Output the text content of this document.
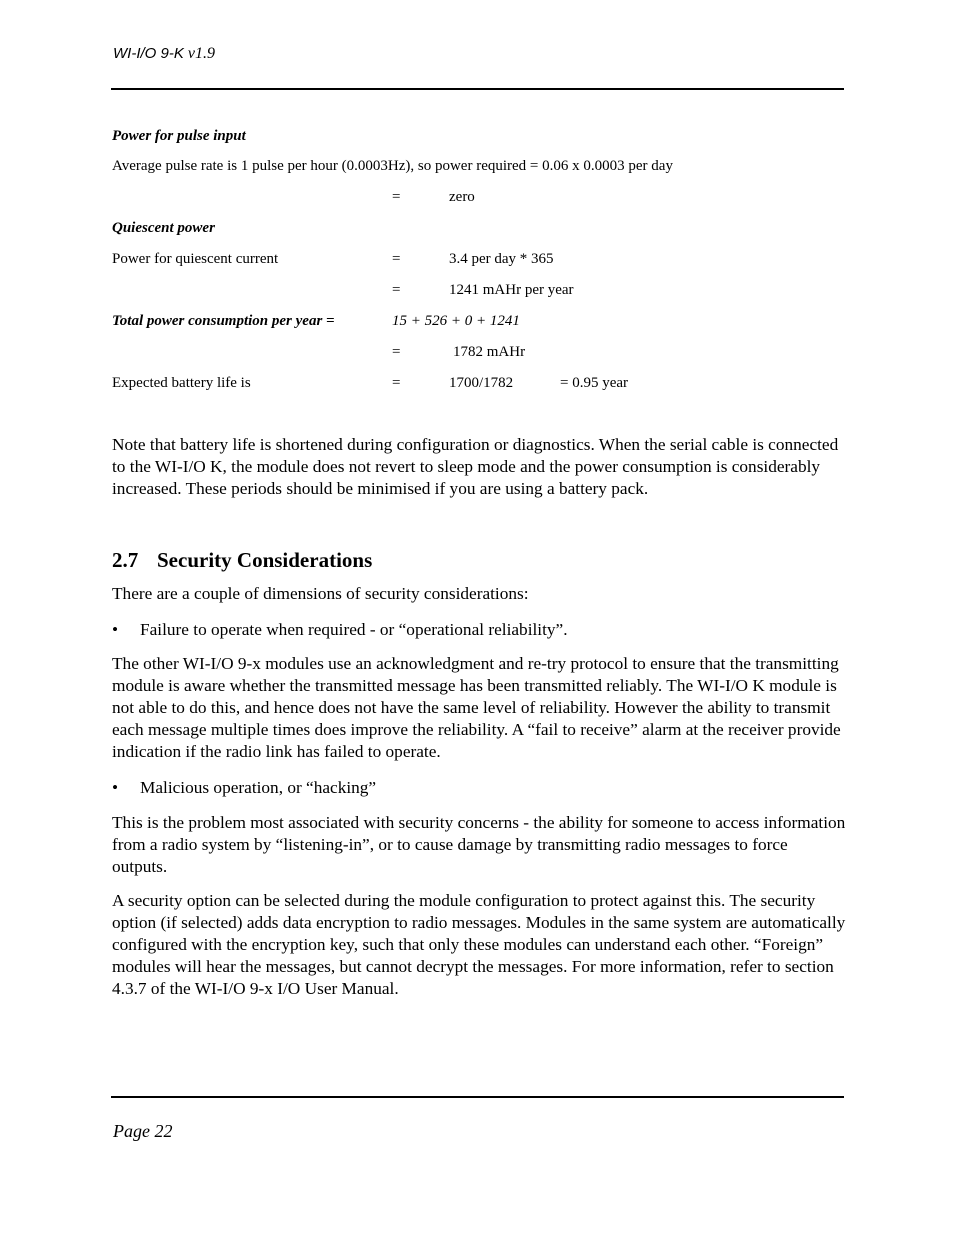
WI-I/O 9-K v1.9
Power for pulse input
Average pulse rate is 1 pulse per hour (0.0003Hz), so power required = 0.06 x 0.0003 per day
=	zero
Quiescent power
Power for quiescent current	=	3.4 per day * 365
=	1241 mAHr per year
Total power consumption per year =	15 + 526 + 0 + 1241
=	1782 mAHr
Expected battery life is	=	1700/1782	= 0.95 year

Note that battery life is shortened during configuration or diagnostics. When the serial cable is connected to the WI-I/O K, the module does not revert to sleep mode and the power consumption is considerably increased. These periods should be minimised if you are using a battery pack.

2.7 Security Considerations

There are a couple of dimensions of security considerations:

• Failure to operate when required - or “operational reliability”.

The other WI-I/O 9-x modules use an acknowledgment and re-try protocol to ensure that the transmitting module is aware whether the transmitted message has been transmitted reliably. The WI-I/O K module is not able to do this, and hence does not have the same level of reliability. However the ability to transmit each message multiple times does improve the reliability. A “fail to receive” alarm at the receiver provide indication if the radio link has failed to operate.

• Malicious operation, or “hacking”

This is the problem most associated with security concerns - the ability for someone to access information from a radio system by “listening-in”, or to cause damage by transmitting radio messages to force outputs.

A security option can be selected during the module configuration to protect against this. The security option (if selected) adds data encryption to radio messages. Modules in the same system are automatically configured with the encryption key, such that only these modules can understand each other. “Foreign” modules will hear the messages, but cannot decrypt the messages. For more information, refer to section 4.3.7 of the WI-I/O 9-x I/O User Manual.

Page 22
